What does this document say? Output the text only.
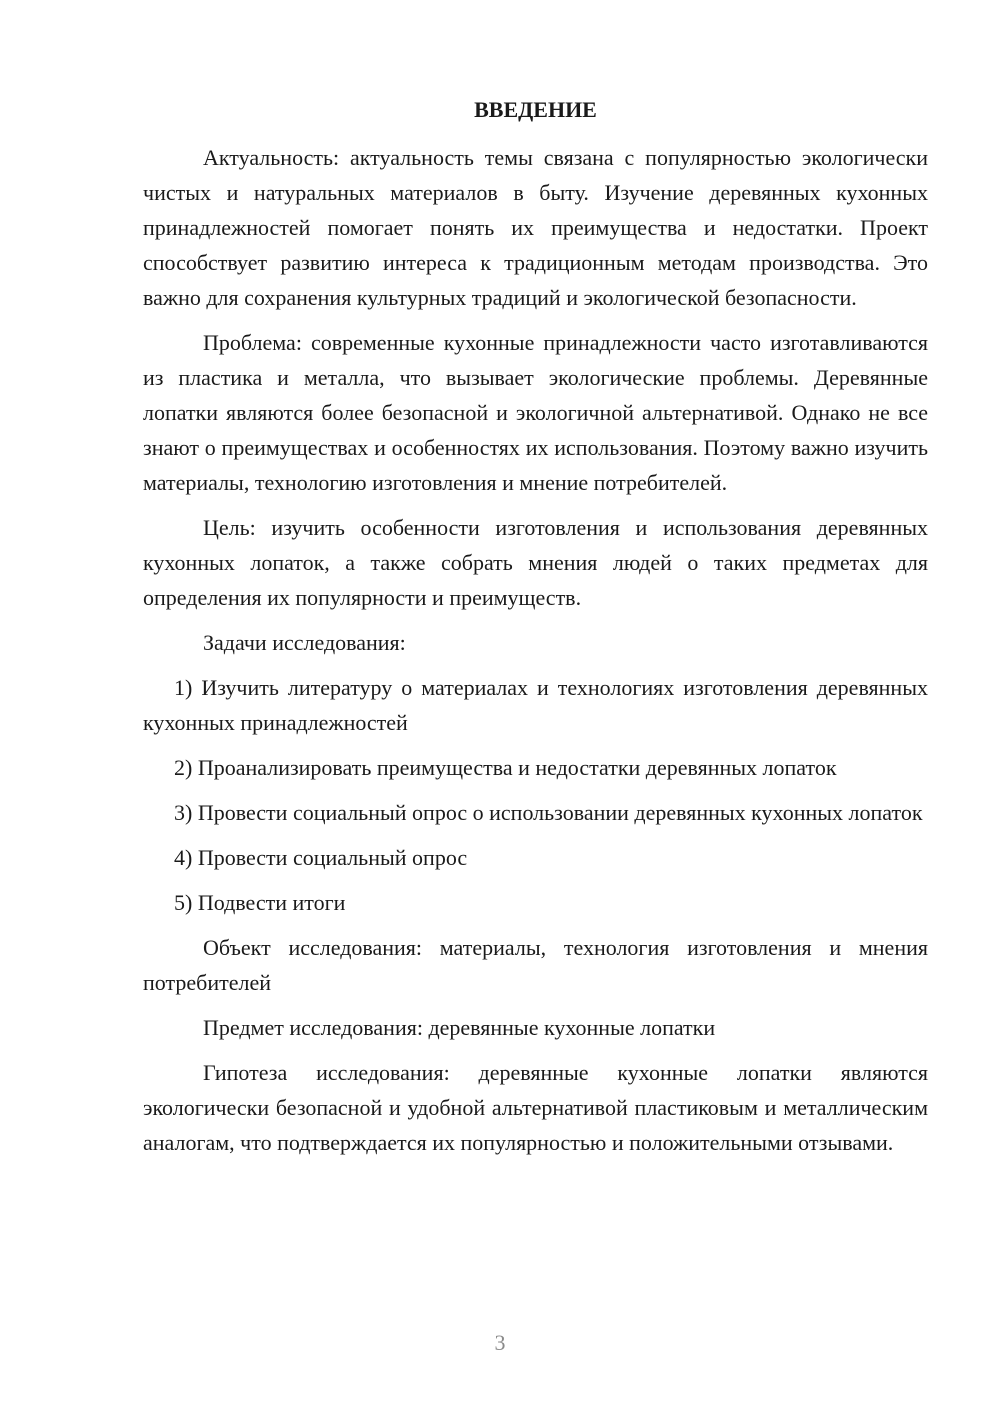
ВВЕДЕНИЕ

Актуальность: актуальность темы связана с популярностью экологически чистых и натуральных материалов в быту. Изучение деревянных кухонных принадлежностей помогает понять их преимущества и недостатки. Проект способствует развитию интереса к традиционным методам производства. Это важно для сохранения культурных традиций и экологической безопасности.

Проблема: современные кухонные принадлежности часто изготавливаются из пластика и металла, что вызывает экологические проблемы. Деревянные лопатки являются более безопасной и экологичной альтернативой. Однако не все знают о преимуществах и особенностях их использования. Поэтому важно изучить материалы, технологию изготовления и мнение потребителей.

Цель: изучить особенности изготовления и использования деревянных кухонных лопаток, а также собрать мнения людей о таких предметах для определения их популярности и преимуществ.

Задачи исследования:

1) Изучить литературу о материалах и технологиях изготовления деревянных кухонных принадлежностей

2) Проанализировать преимущества и недостатки деревянных лопаток

3) Провести социальный опрос о использовании деревянных кухонных лопаток

4) Провести социальный опрос

5) Подвести итоги

Объект исследования: материалы, технология изготовления и мнения потребителей

Предмет исследования: деревянные кухонные лопатки

Гипотеза исследования: деревянные кухонные лопатки являются экологически безопасной и удобной альтернативой пластиковым и металлическим аналогам, что подтверждается их популярностью и положительными отзывами.

3
